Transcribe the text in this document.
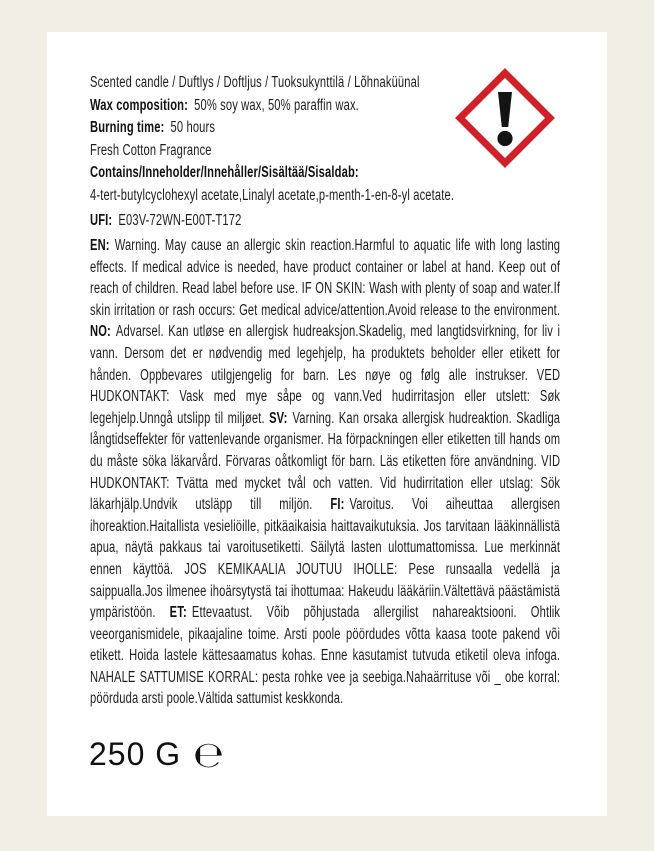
Scented candle / Duftlys / Doftljus / Tuoksukynttilä / Lõhnaküünal
Wax composition: 50% soy wax, 50% paraffin wax.
Burning time: 50 hours
Fresh Cotton Fragrance
Contains/Inneholder/Innehåller/Sisältää/Sisaldab:
4-tert-butylcyclohexyl acetate,Linalyl acetate,p-menth-1-en-8-yl acetate.
UFI: E03V-72WN-E00T-T172
EN: Warning. May cause an allergic skin reaction.Harmful to aquatic life with long lasting effects. If medical advice is needed, have product container or label at hand. Keep out of reach of children. Read label before use. IF ON SKIN: Wash with plenty of soap and water.If skin irritation or rash occurs: Get medical advice/attention.Avoid release to the environment. NO: Advarsel. Kan utløse en allergisk hudreaksjon.Skadelig, med langtidsvirkning, for liv i vann. Dersom det er nødvendig med legehjelp, ha produktets beholder eller etikett for hånden. Oppbevares utilgjengelig for barn. Les nøye og følg alle instrukser. VED HUDKONTAKT: Vask med mye såpe og vann.Ved hudirritasjon eller utslett: Søk legehjelp.Unngå utslipp til miljøet. SV: Varning. Kan orsaka allergisk hudreaktion. Skadliga långtidseffekter för vattenlevande organismer. Ha förpackningen eller etiketten till hands om du måste söka läkarvård. Förvaras oåtkomligt för barn. Läs etiketten före användning. VID HUDKONTAKT: Tvätta med mycket tvål och vatten. Vid hudirritation eller utslag: Sök läkarhjälp.Undvik utsläpp till miljön. FI: Varoitus. Voi aiheuttaa allergisen ihoreaktion.Haitallista vesieliöille, pitkäaikaisia haittavaikutuksia. Jos tarvitaan lääkinnällistä apua, näytä pakkaus tai varoitusetiketti. Säilytä lasten ulottumattomissa. Lue merkinnät ennen käyttöä. JOS KEMIKAALIA JOUTUU IHOLLE: Pese runsaalla vedellä ja saippualla.Jos ilmenee ihoärsytystä tai ihottumaa: Hakeudu lääkäriin.Vältettävä päästämistä ympäristöön. ET: Ettevaatust. Võib põhjustada allergilist nahareaktsiooni. Ohtlik veeorganismidele, pikaajaline toime. Arsti poole pöördudes võtta kaasa toote pakend või etikett. Hoida lastele kättesaamatus kohas. Enne kasutamist tutvuda etiketil oleva infoga. NAHALE SATTUMISE KORRAL: pesta rohke vee ja seebiga.Nahaärrituse või _ obe korral: pöörduda arsti poole.Vältida sattumist keskkonda.
250 G ℮
